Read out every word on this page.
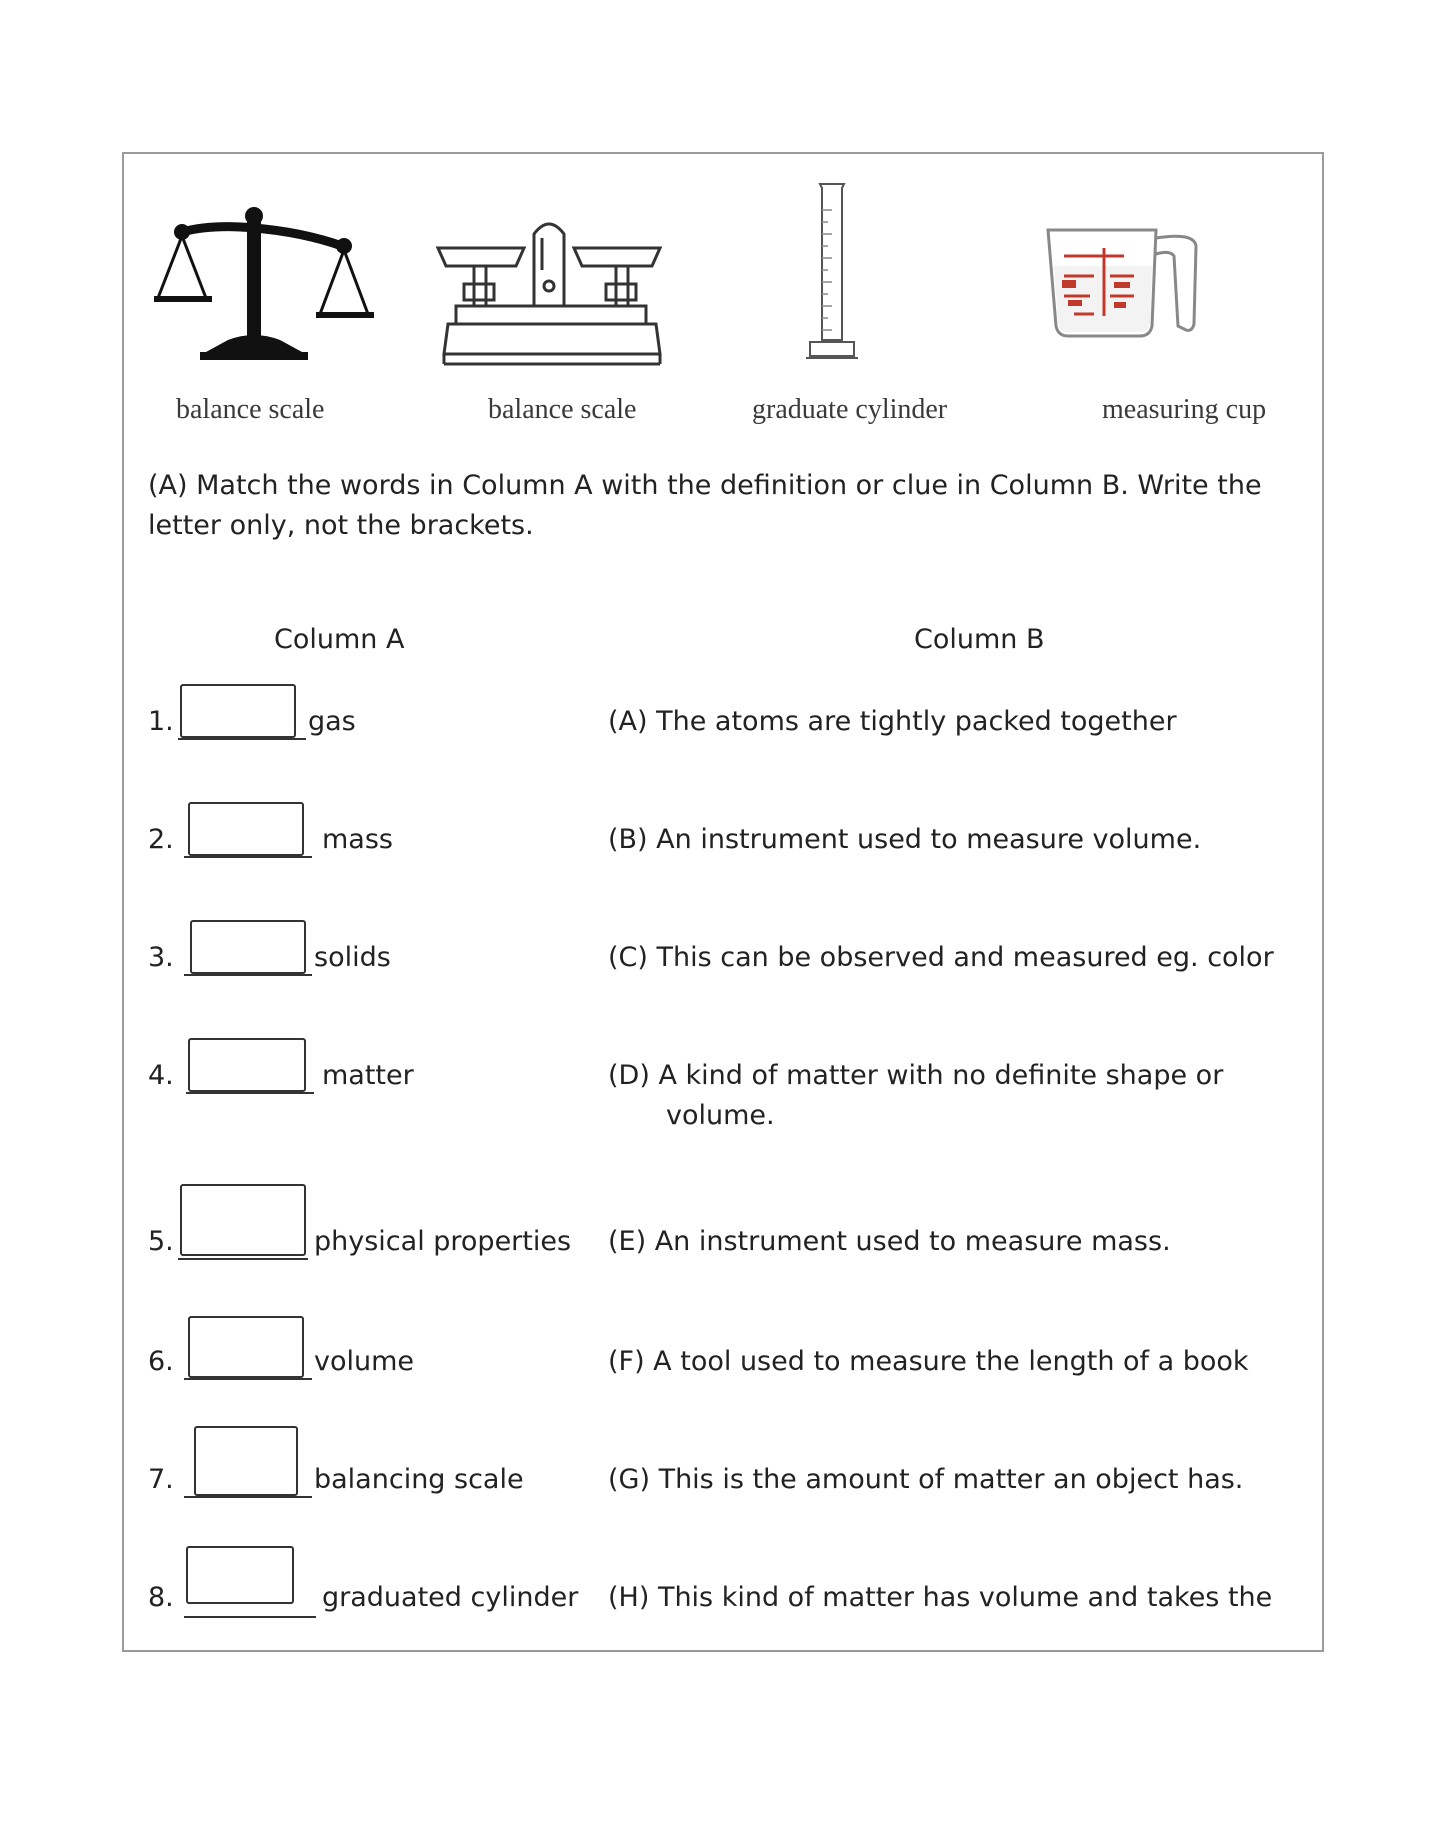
balance scale	balance scale	graduate cylinder	measuring cup
(A) Match the words in Column A with the definition or clue in Column B. Write the letter only, not the brackets.
Column A	Column B
1.	gas	(A) The atoms are tightly packed together
2.	mass	(B) An instrument used to measure volume.
3.	solids	(C) This can be observed and measured eg. color
4.	matter	(D) A kind of matter with no definite shape or
volume.
5.	physical properties (E) An instrument used to measure mass.
6.	volume	(F) A tool used to measure the length of a book
7.	balancing scale	(G) This is the amount of matter an object has.
8.	graduated cylinder (H) This kind of matter has volume and takes the
